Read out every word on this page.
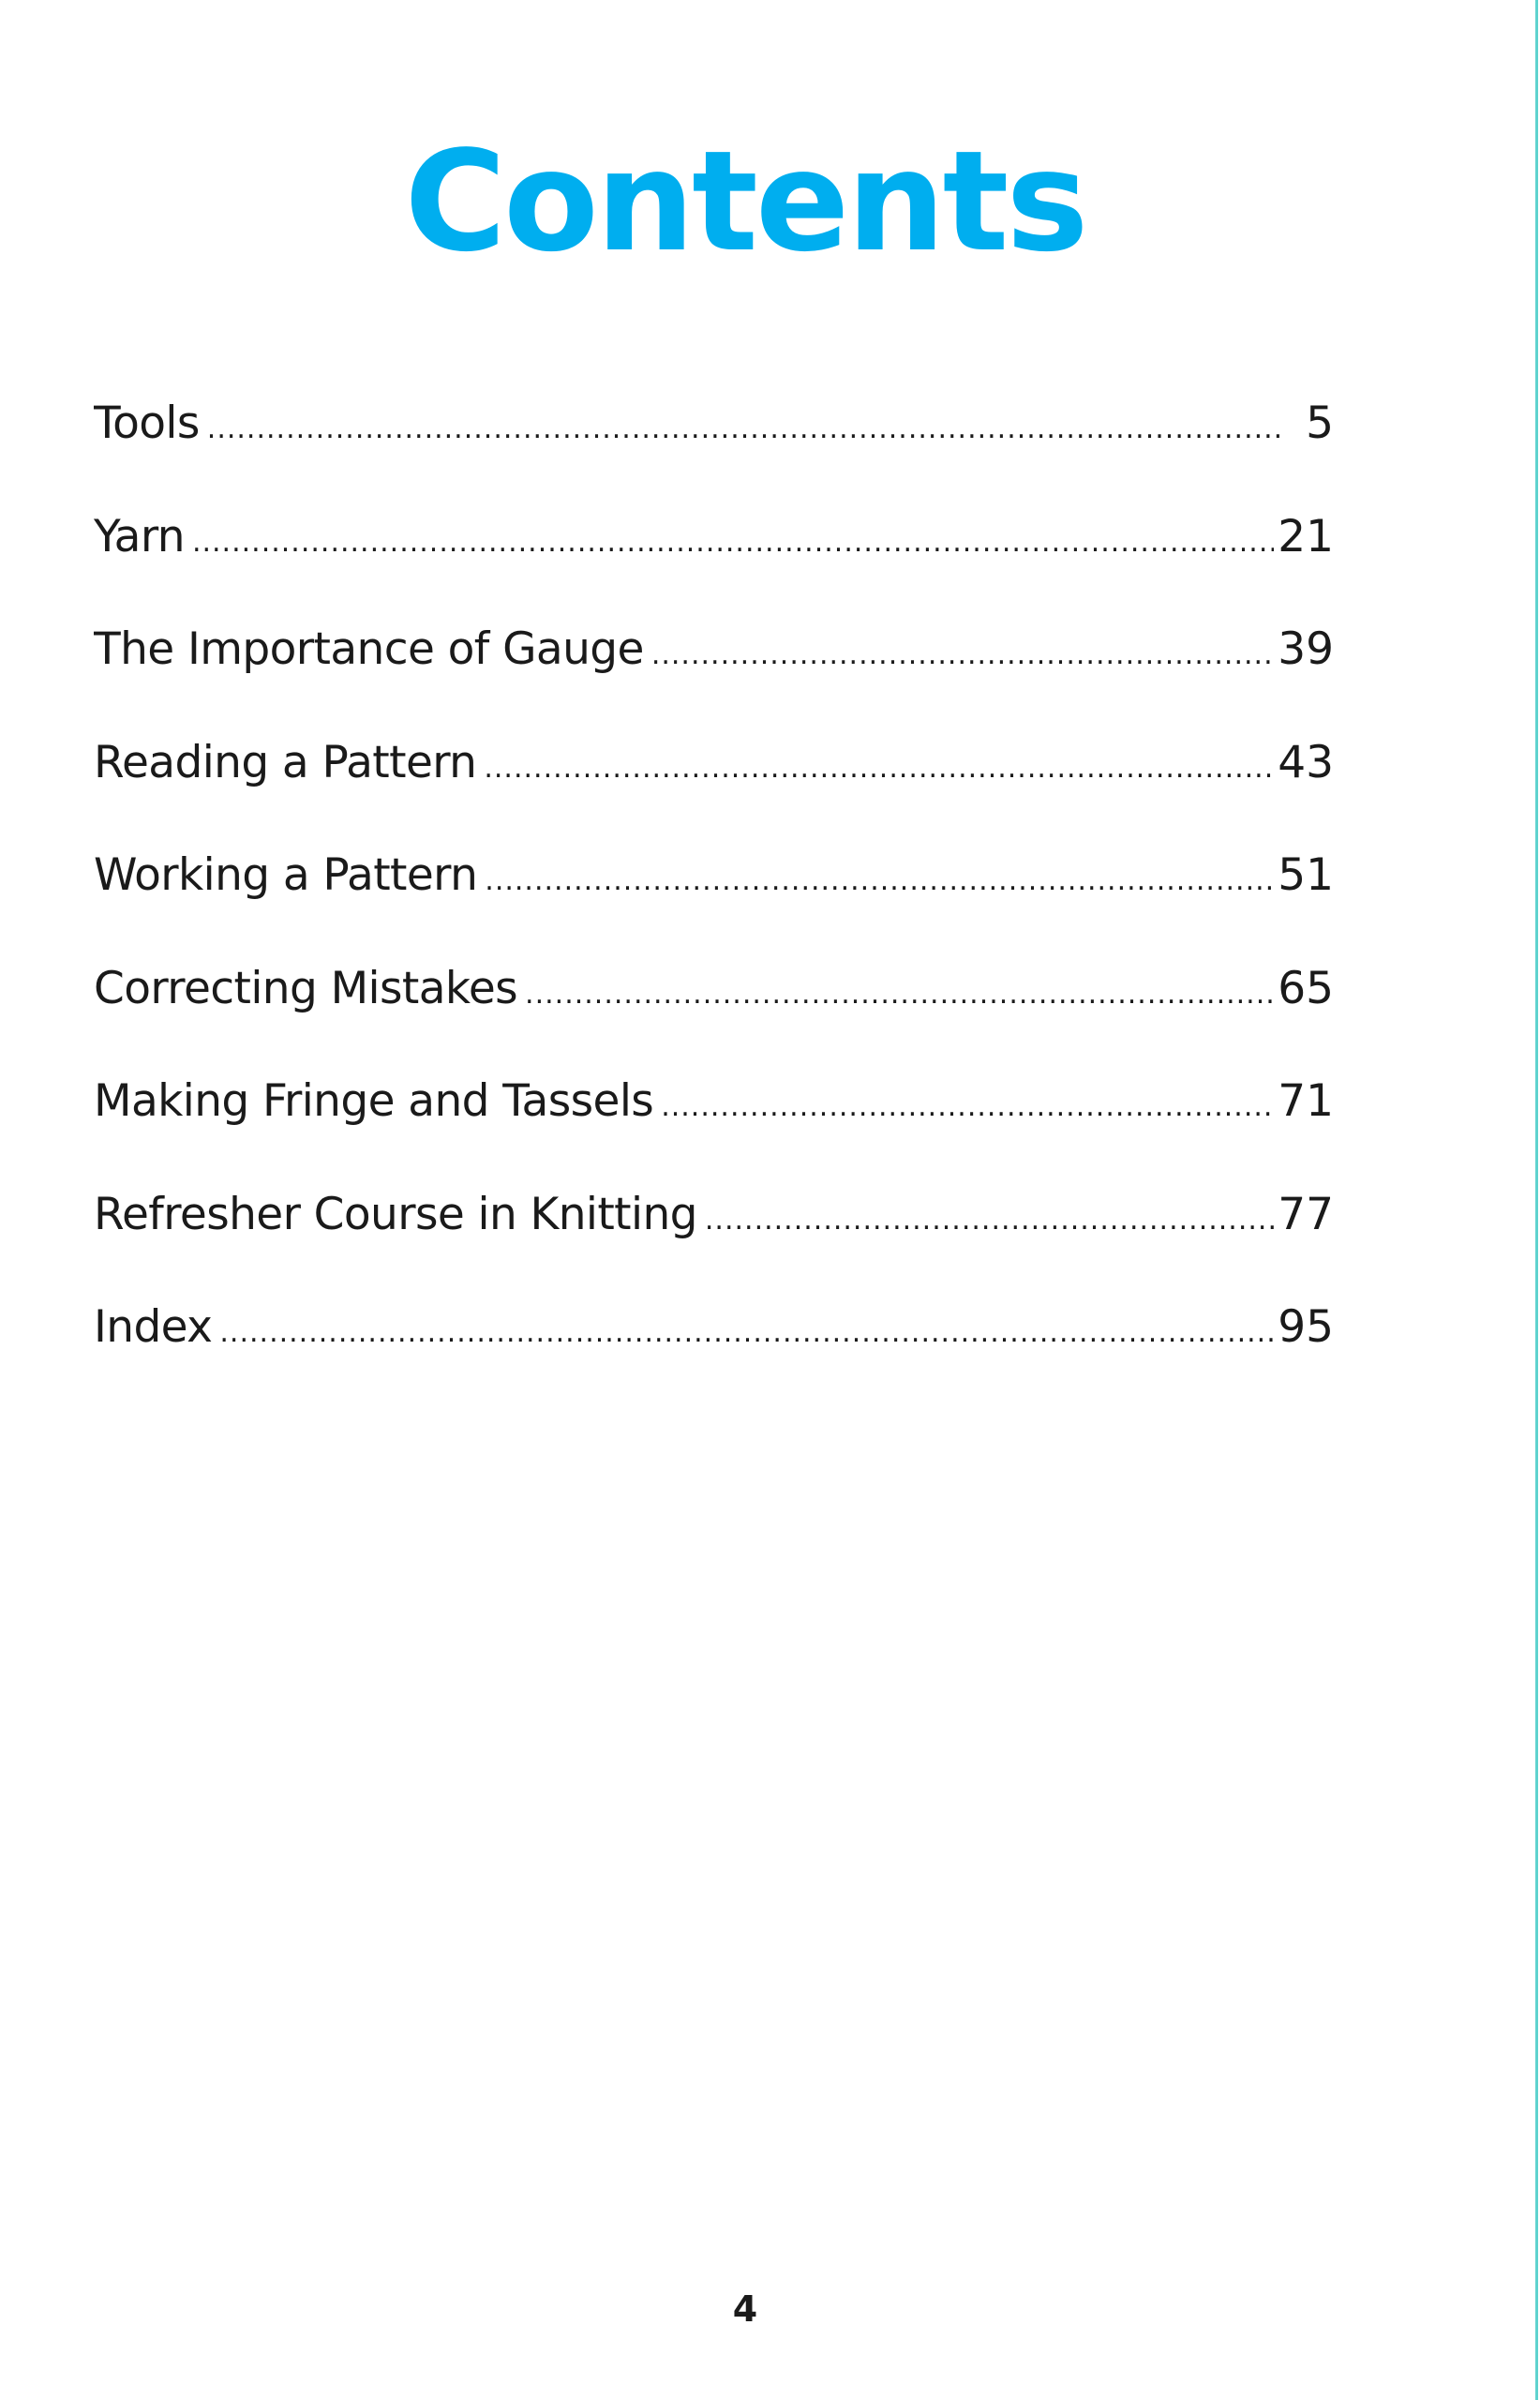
Contents
Tools .....	5
Yarn .....	21
The Importance of Gauge .....	39
Reading a Pattern .....	43
Working a Pattern .....	51
Correcting Mistakes .....	65
Making Fringe and Tassels .....	71
Refresher Course in Knitting .....	77
Index .....	95

4
